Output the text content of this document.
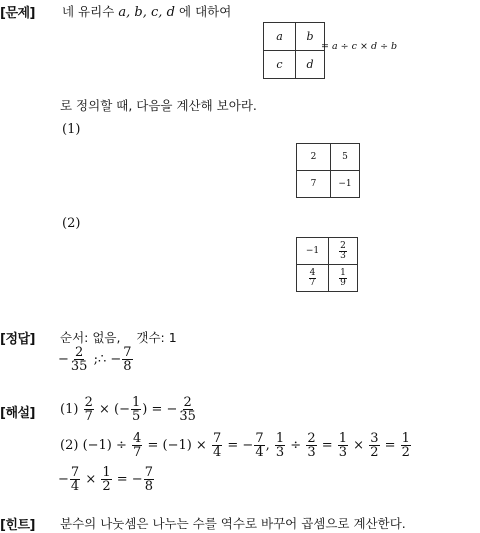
[문제] 네 유리수 a, b, c, d 에 대하여
a	b
c	d
= a ÷ c × d ÷ b
로 정의할 때, 다음을 계산해 보아라.
(1)
2	5
7	−1
(2)
−1	$\frac{2}{3}$

$\frac{4}{7}$	$\frac{1}{9}$
[정답] 순서: 없음, 갯수: 1
− $\frac{2}{35}$ ;∴ − $\frac{7}{8}$
[해설] $(1) \frac{2}{7}$ × (− $\frac{1}{5}$ ) = − $\frac{2}{35}$
(2) $(-1) \div \frac{4}{7} = (-1) \times \frac{7}{4}$ = − $\frac{7}{4}$ , $\frac{1}{3} \div \frac{2}{3} = \frac{1}{3} \times \frac{3}{2} = \frac{1}{2}$
− $\frac{7}{4} \times \frac{1}{2}$ = − $\frac{7}{8}$
[힌트] 분수의 나눗셈은 나누는 수를 역수로 바꾸어 곱셈으로 계산한다.
